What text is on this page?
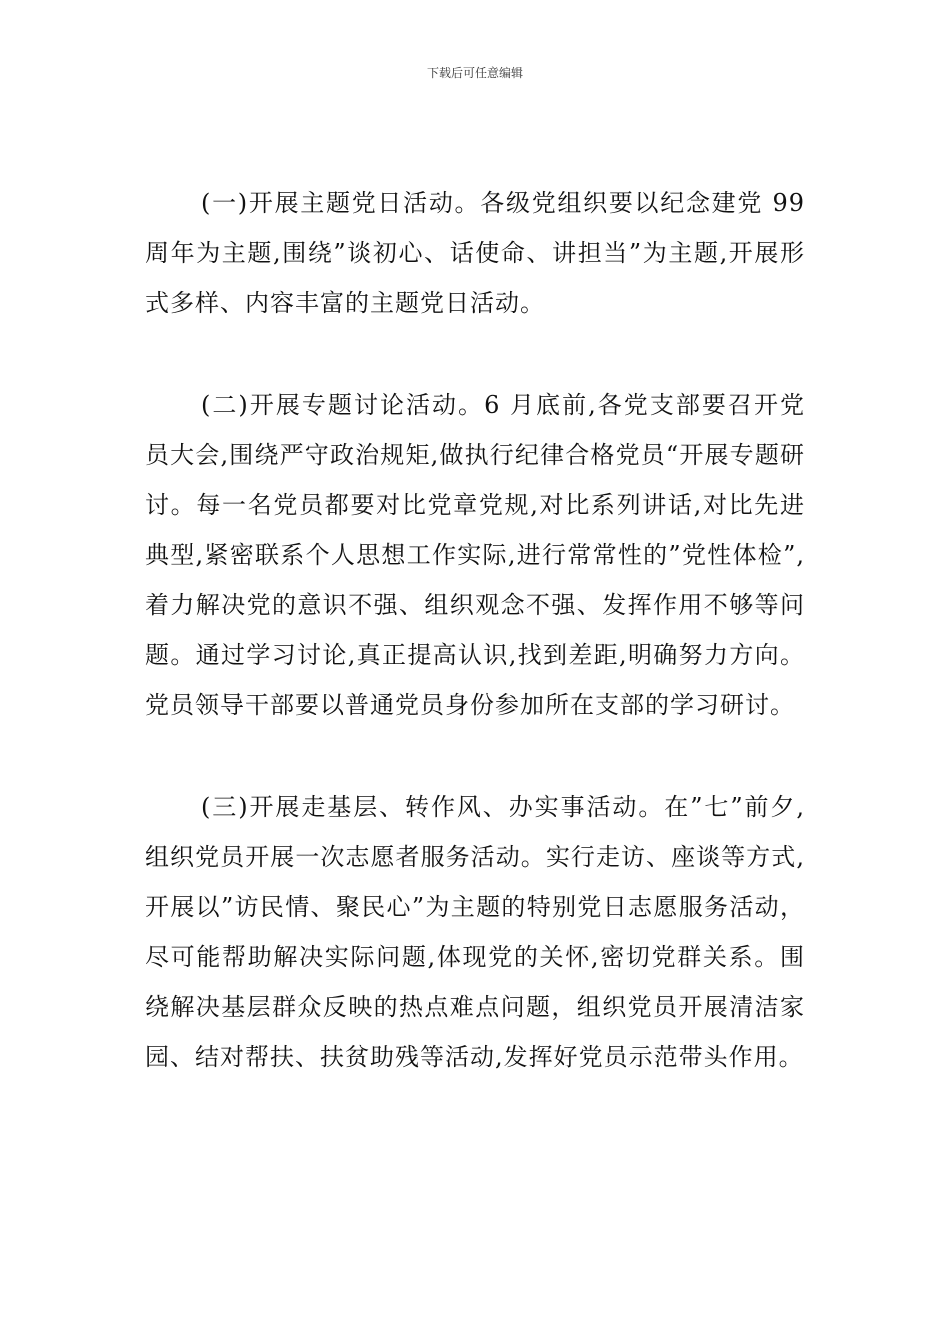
下载后可任意编辑

(一)开展主题党日活动。各级党组织要以纪念建党 99 周年为主题,围绕”谈初心、话使命、讲担当”为主题,开展形式多样、内容丰富的主题党日活动。

(二)开展专题讨论活动。6 月底前,各党支部要召开党员大会,围绕严守政治规矩,做执行纪律合格党员“开展专题研讨。每一名党员都要对比党章党规,对比系列讲话,对比先进典型,紧密联系个人思想工作实际,进行常常性的”党性体检”,着力解决党的意识不强、组织观念不强、发挥作用不够等问题。通过学习讨论,真正提高认识,找到差距,明确努力方向。党员领导干部要以普通党员身份参加所在支部的学习研讨。

(三)开展走基层、转作风、办实事活动。在”七”前夕,组织党员开展一次志愿者服务活动。实行走访、座谈等方式,开展以”访民情、聚民心”为主题的特别党日志愿服务活动，尽可能帮助解决实际问题,体现党的关怀,密切党群关系。围绕解决基层群众反映的热点难点问题，组织党员开展清洁家园、结对帮扶、扶贫助残等活动,发挥好党员示范带头作用。
